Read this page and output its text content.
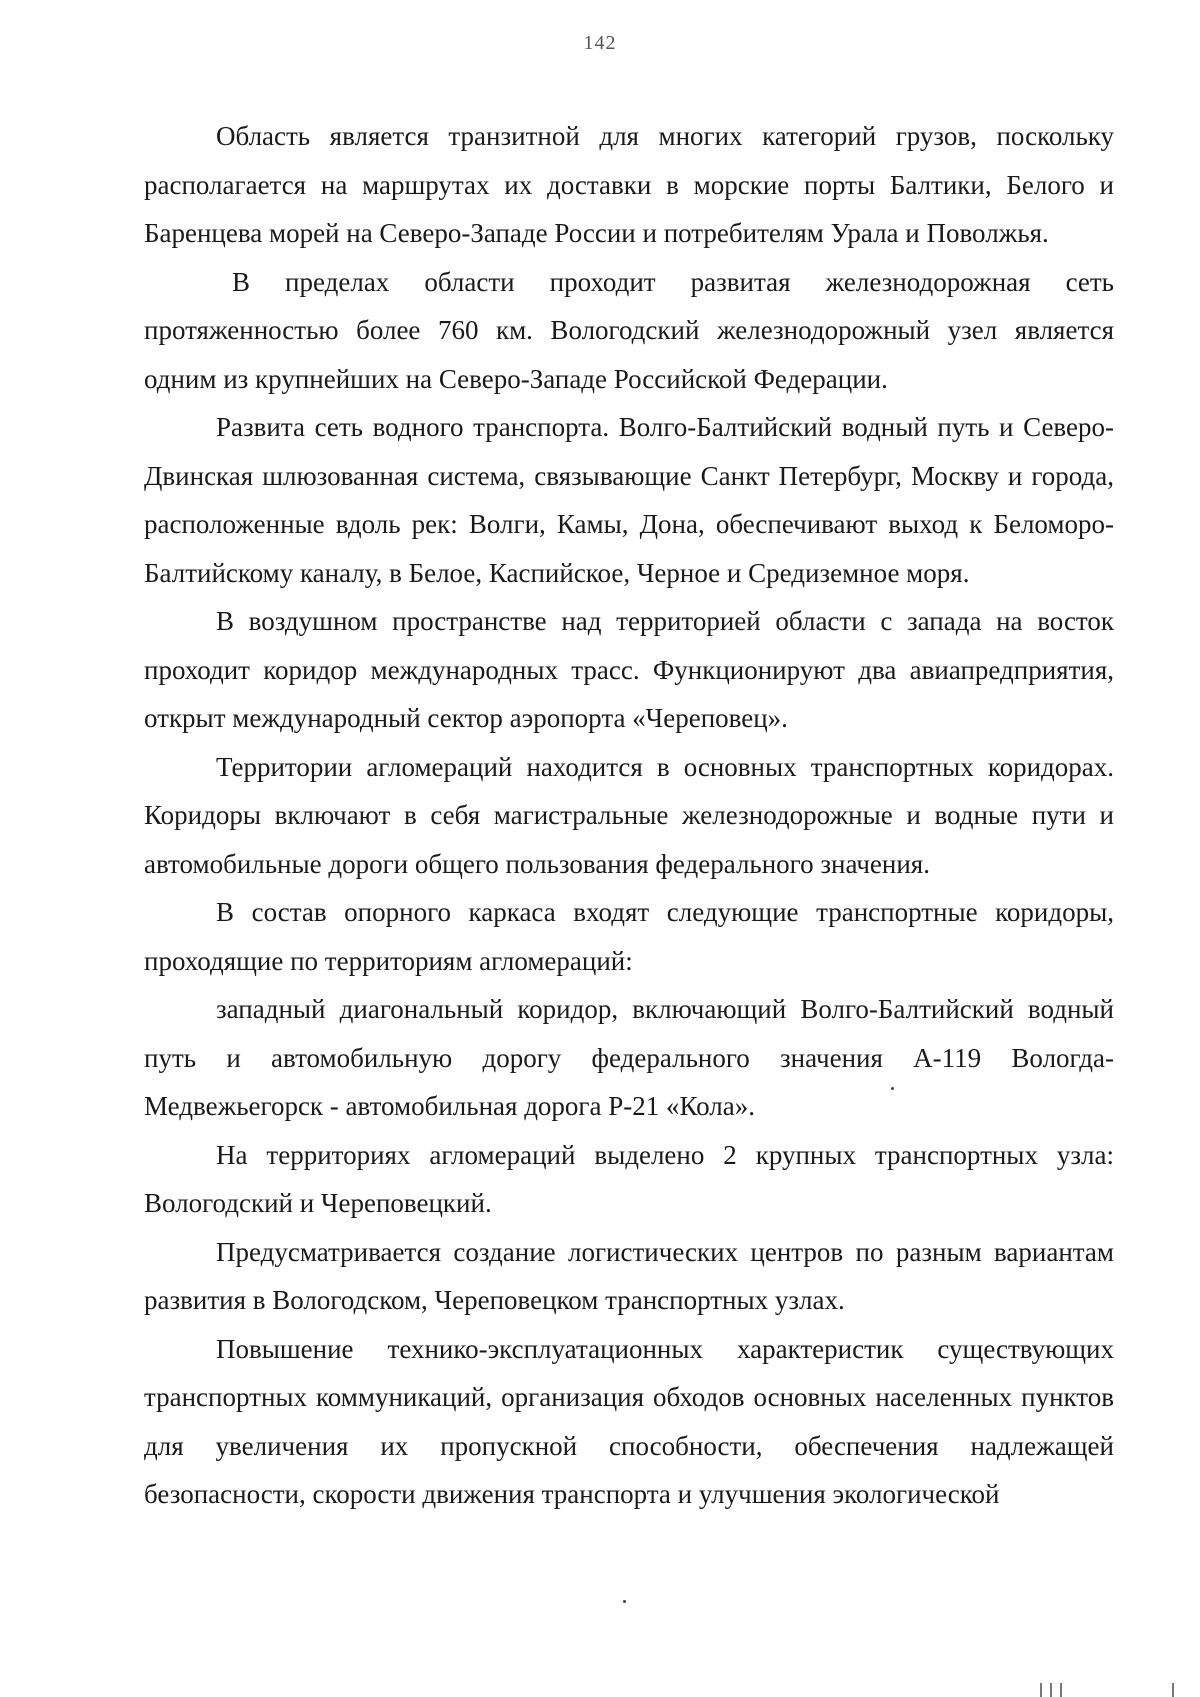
142

Область является транзитной для многих категорий грузов, поскольку располагается на маршрутах их доставки в морские порты Балтики, Белого и Баренцева морей на Северо-Западе России и потребителям Урала и Поволжья.

В пределах области проходит развитая железнодорожная сеть протяженностью более 760 км. Вологодский железнодорожный узел является одним из крупнейших на Северо-Западе Российской Федерации.

Развита сеть водного транспорта. Волго-Балтийский водный путь и Северо-Двинская шлюзованная система, связывающие Санкт Петербург, Москву и города, расположенные вдоль рек: Волги, Камы, Дона, обеспечивают выход к Беломоро-Балтийскому каналу, в Белое, Каспийское, Черное и Средиземное моря.

В воздушном пространстве над территорией области с запада на восток проходит коридор международных трасс. Функционируют два авиапредприятия, открыт международный сектор аэропорта «Череповец».

Территории агломераций находится в основных транспортных коридорах. Коридоры включают в себя магистральные железнодорожные и водные пути и автомобильные дороги общего пользования федерального значения.

В состав опорного каркаса входят следующие транспортные коридоры, проходящие по территориям агломераций:

западный диагональный коридор, включающий Волго-Балтийский водный путь и автомобильную дорогу федерального значения А-119 Вологда-Медвежьегорск - автомобильная дорога Р-21 «Кола».

На территориях агломераций выделено 2 крупных транспортных узла: Вологодский и Череповецкий.

Предусматривается создание логистических центров по разным вариантам развития в Вологодском, Череповецком транспортных узлах.

Повышение технико-эксплуатационных характеристик существующих транспортных коммуникаций, организация обходов основных населенных пунктов для увеличения их пропускной способности, обеспечения надлежащей безопасности, скорости движения транспорта и улучшения экологической
